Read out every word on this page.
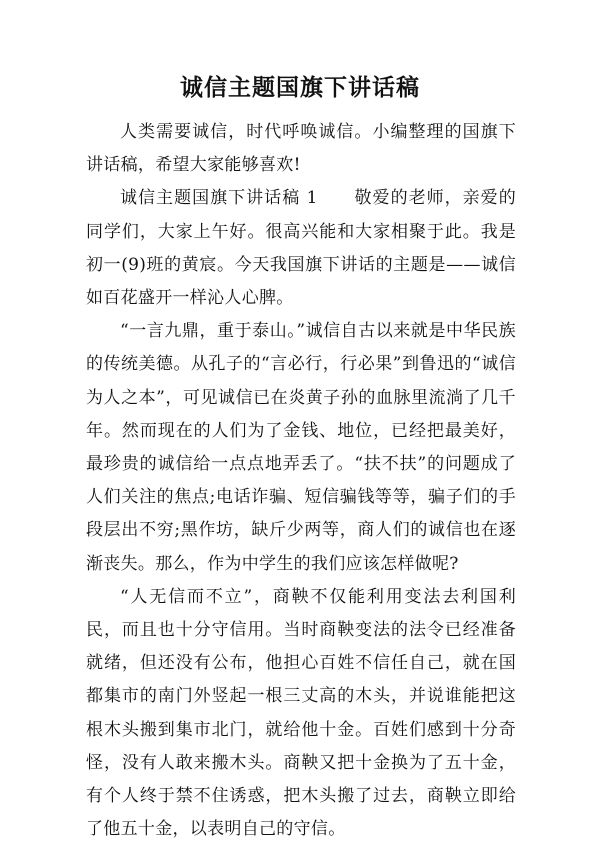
诚信主题国旗下讲话稿

人类需要诚信，时代呼唤诚信。小编整理的国旗下讲话稿，希望大家能够喜欢!

诚信主题国旗下讲话稿 1　　敬爱的老师，亲爱的同学们，大家上午好。很高兴能和大家相聚于此。我是初一(9)班的黄宸。今天我国旗下讲话的主题是——诚信如百花盛开一样沁人心脾。

“一言九鼎，重于泰山。”诚信自古以来就是中华民族的传统美德。从孔子的“言必行，行必果”到鲁迅的“诚信为人之本”，可见诚信已在炎黄子孙的血脉里流淌了几千年。然而现在的人们为了金钱、地位，已经把最美好，最珍贵的诚信给一点点地弄丢了。“扶不扶”的问题成了人们关注的焦点;电话诈骗、短信骗钱等等，骗子们的手段层出不穷;黑作坊，缺斤少两等，商人们的诚信也在逐渐丧失。那么，作为中学生的我们应该怎样做呢?

“人无信而不立”，商鞅不仅能利用变法去利国利民，而且也十分守信用。当时商鞅变法的法令已经准备就绪，但还没有公布，他担心百姓不信任自己，就在国都集市的南门外竖起一根三丈高的木头，并说谁能把这根木头搬到集市北门，就给他十金。百姓们感到十分奇怪，没有人敢来搬木头。商鞅又把十金换为了五十金，有个人终于禁不住诱惑，把木头搬了过去，商鞅立即给了他五十金，以表明自己的守信。
